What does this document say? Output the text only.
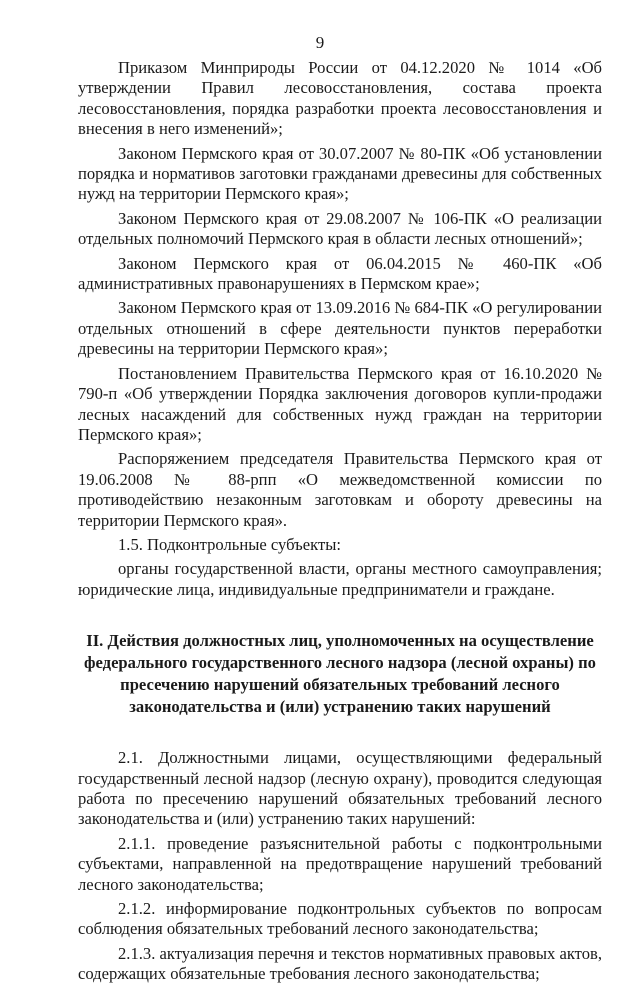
9

Приказом Минприроды России от 04.12.2020 № 1014 «Об утверждении Правил лесовосстановления, состава проекта лесовосстановления, порядка разработки проекта лесовосстановления и внесения в него изменений»;

Законом Пермского края от 30.07.2007 № 80-ПК «Об установлении порядка и нормативов заготовки гражданами древесины для собственных нужд на территории Пермского края»;

Законом Пермского края от 29.08.2007 № 106-ПК «О реализации отдельных полномочий Пермского края в области лесных отношений»;

Законом Пермского края от 06.04.2015 № 460-ПК «Об административных правонарушениях в Пермском крае»;

Законом Пермского края от 13.09.2016 № 684-ПК «О регулировании отдельных отношений в сфере деятельности пунктов переработки древесины на территории Пермского края»;

Постановлением Правительства Пермского края от 16.10.2020 № 790-п «Об утверждении Порядка заключения договоров купли-продажи лесных насаждений для собственных нужд граждан на территории Пермского края»;

Распоряжением председателя Правительства Пермского края от 19.06.2008 № 88-рпп «О межведомственной комиссии по противодействию незаконным заготовкам и обороту древесины на территории Пермского края».

1.5. Подконтрольные субъекты:

органы государственной власти, органы местного самоуправления; юридические лица, индивидуальные предприниматели и граждане.

II. Действия должностных лиц, уполномоченных на осуществление федерального государственного лесного надзора (лесной охраны) по пресечению нарушений обязательных требований лесного законодательства и (или) устранению таких нарушений

2.1. Должностными лицами, осуществляющими федеральный государственный лесной надзор (лесную охрану), проводится следующая работа по пресечению нарушений обязательных требований лесного законодательства и (или) устранению таких нарушений:

2.1.1. проведение разъяснительной работы с подконтрольными субъектами, направленной на предотвращение нарушений требований лесного законодательства;

2.1.2. информирование подконтрольных субъектов по вопросам соблюдения обязательных требований лесного законодательства;

2.1.3. актуализация перечня и текстов нормативных правовых актов, содержащих обязательные требования лесного законодательства;
